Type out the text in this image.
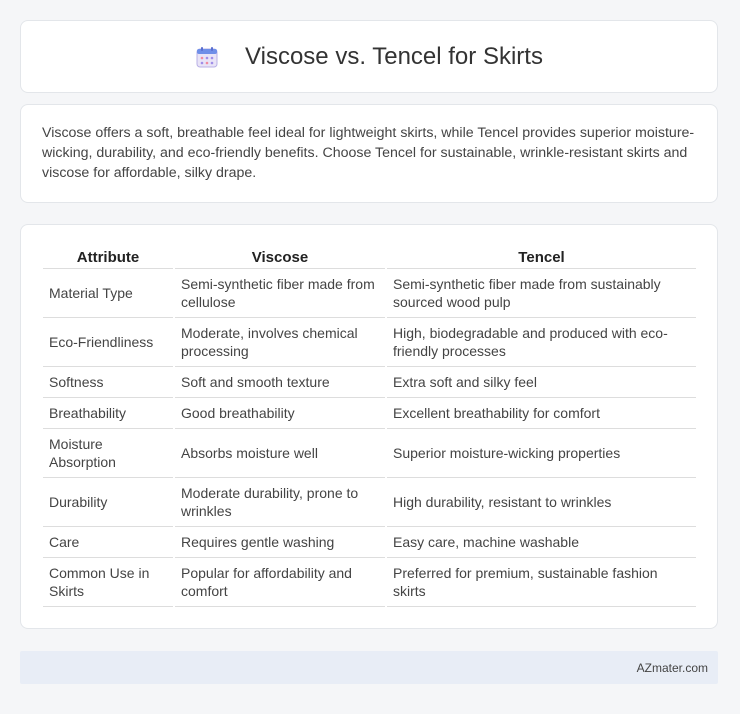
Viscose vs. Tencel for Skirts

Viscose offers a soft, breathable feel ideal for lightweight skirts, while Tencel provides superior moisture-wicking, durability, and eco-friendly benefits. Choose Tencel for sustainable, wrinkle-resistant skirts and viscose for affordable, silky drape.

Attribute	Viscose	Tencel
Material Type	Semi-synthetic fiber made from cellulose	Semi-synthetic fiber made from sustainably sourced wood pulp
Eco-Friendliness	Moderate, involves chemical processing	High, biodegradable and produced with eco-friendly processes
Softness	Soft and smooth texture	Extra soft and silky feel
Breathability	Good breathability	Excellent breathability for comfort
Moisture Absorption	Absorbs moisture well	Superior moisture-wicking properties
Durability	Moderate durability, prone to wrinkles	High durability, resistant to wrinkles
Care	Requires gentle washing	Easy care, machine washable
Common Use in Skirts	Popular for affordability and comfort	Preferred for premium, sustainable fashion skirts
AZmater.com
